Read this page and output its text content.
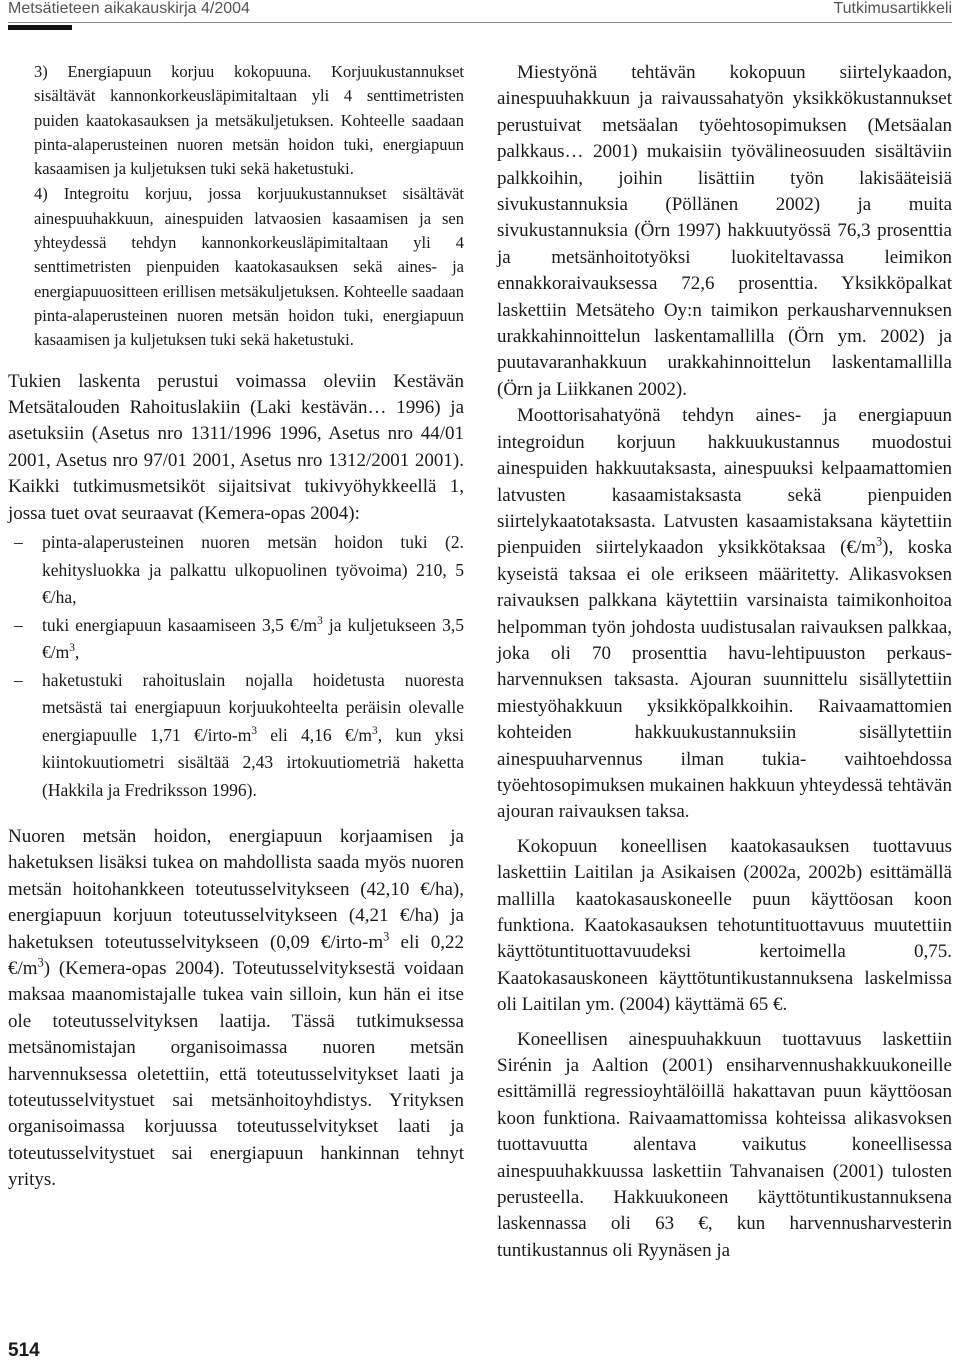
Metsätieteen aikakauskirja 4/2004	Tutkimusartikkeli

3) Energiapuun korjuu kokopuuna. Korjuukustannukset sisältävät kannonkorkeusläpimitaltaan yli 4 senttimetristen puiden kaatokasauksen ja metsäkuljetuksen. Kohteelle saadaan pinta-alaperusteinen nuoren metsän hoidon tuki, energiapuun kasaamisen ja kuljetuksen tuki sekä haketustuki.

4) Integroitu korjuu, jossa korjuukustannukset sisältävät ainespuuhakkuun, ainespuiden latvaosien kasaamisen ja sen yhteydessä tehdyn kannonkorkeusläpimitaltaan yli 4 senttimetristen pienpuiden kaatokasauksen sekä aines- ja energiapuuositteen erillisen metsäkuljetuksen. Kohteelle saadaan pinta-alaperusteinen nuoren metsän hoidon tuki, energiapuun kasaamisen ja kuljetuksen tuki sekä haketustuki.

Tukien laskenta perustui voimassa oleviin Kestävän Metsätalouden Rahoituslakiin (Laki kestävän… 1996) ja asetuksiin (Asetus nro 1311/1996 1996, Asetus nro 44/01 2001, Asetus nro 97/01 2001, Asetus nro 1312/2001 2001). Kaikki tutkimusmetsiköt sijaitsivat tukivyöhykkeellä 1, jossa tuet ovat seuraavat (Kemera-opas 2004):

– pinta-alaperusteinen nuoren metsän hoidon tuki (2. kehitysluokka ja palkattu ulkopuolinen työvoima) 210, 5 €/ha,
– tuki energiapuun kasaamiseen 3,5 $€/m^3$ ja kuljetukseen 3,5 $€/m^3$,
– haketustuki rahoituslain nojalla hoidetusta nuoresta metsästä tai energiapuun korjuukohteelta peräisin olevalle energiapuulle 1,71 $€/irto-m^3$ eli 4,16 $€/m^3$, kun yksi kiintokuutiometri sisältää 2,43 irtokuutiometriä haketta (Hakkila ja Fredriksson 1996).

Nuoren metsän hoidon, energiapuun korjaamisen ja haketuksen lisäksi tukea on mahdollista saada myös nuoren metsän hoitohankkeen toteutusselvitykseen (42,10 €/ha), energiapuun korjuun toteutusselvitykseen (4,21 €/ha) ja haketuksen toteutusselvitykseen (0,09 $€/irto-m^3$ eli 0,22 $€/m^3$) (Kemera-opas 2004). Toteutusselvityksestä voidaan maksaa maanomistajalle tukea vain silloin, kun hän ei itse ole toteutusselvityksen laatija. Tässä tutkimuksessa metsänomistajan organisoimassa nuoren metsän harvennuksessa oletettiin, että toteutusselvitykset laati ja toteutusselvitystuet sai metsänhoitoyhdistys. Yrityksen organisoimassa korjuussa toteutusselvitykset laati ja toteutusselvitystuet sai energiapuun hankinnan tehnyt yritys.

Miestyönä tehtävän kokopuun siirtelykaadon, ainespuuhakkuun ja raivaussahatyön yksikkökustannukset perustuivat metsäalan työehtosopimuksen (Metsäalan palkkaus… 2001) mukaisiin työvälineosuuden sisältäviin palkkoihin, joihin lisättiin työn lakisääteisiä sivukustannuksia (Pöllänen 2002) ja muita sivukustannuksia (Örn 1997) hakkuutyössä 76,3 prosenttia ja metsänhoitotyöksi luokiteltavassa leimikon ennakkoraivauksessa 72,6 prosenttia. Yksikköpalkat laskettiin Metsäteho Oy:n taimikon perkausharvennuksen urakkahinnoittelun laskentamallilla (Örn ym. 2002) ja puutavaranhakkuun urakkahinnoittelun laskentamallilla (Örn ja Liikkanen 2002).

Moottorisahatyönä tehdyn aines- ja energiapuun integroidun korjuun hakkuukustannus muodostui ainespuiden hakkuutaksasta, ainespuuksi kelpaamattomien latvusten kasaamistaksasta sekä pienpuiden siirtelykaatotaksasta. Latvusten kasaamistaksana käytettiin pienpuiden siirtelykaadon yksikkötaksaa $(€/m^3)$, koska kyseistä taksaa ei ole erikseen määritetty. Alikasvoksen raivauksen palkkana käytettiin varsinaista taimikonhoitoa helpomman työn johdosta uudistusalan raivauksen palkkaa, joka oli 70 prosenttia havu-lehtipuuston perkaus-harvennuksen taksasta. Ajouran suunnittelu sisällytettiin miestyöhakkuun yksikköpalkkoihin. Raivaamattomien kohteiden hakkuukustannuksiin sisällytettiin ainespuuharvennus ilman tukia- vaihtoehdossa työehtosopimuksen mukainen hakkuun yhteydessä tehtävän ajouran raivauksen taksa.

Kokopuun koneellisen kaatokasauksen tuottavuus laskettiin Laitilan ja Asikaisen (2002a, 2002b) esittämällä mallilla kaatokasauskoneelle puun käyttöosan koon funktiona. Kaatokasauksen tehotuntituottavuus muutettiin käyttötuntituottavuudeksi kertoimella 0,75. Kaatokasauskoneen käyttötuntikustannuksena laskelmissa oli Laitilan ym. (2004) käyttämä 65 €.

Koneellisen ainespuuhakkuun tuottavuus laskettiin Sirénin ja Aaltion (2001) ensiharvennushakkuukoneille esittämillä regressioyhtälöillä hakattavan puun käyttöosan koon funktiona. Raivaamattomissa kohteissa alikasvoksen tuottavuutta alentava vaikutus koneellisessa ainespuuhakkuussa laskettiin Tahvanaisen (2001) tulosten perusteella. Hakkuukoneen käyttötuntikustannuksena laskennassa oli 63 €, kun harvennusharvesterin tuntikustannus oli Ryynäsen ja

514
